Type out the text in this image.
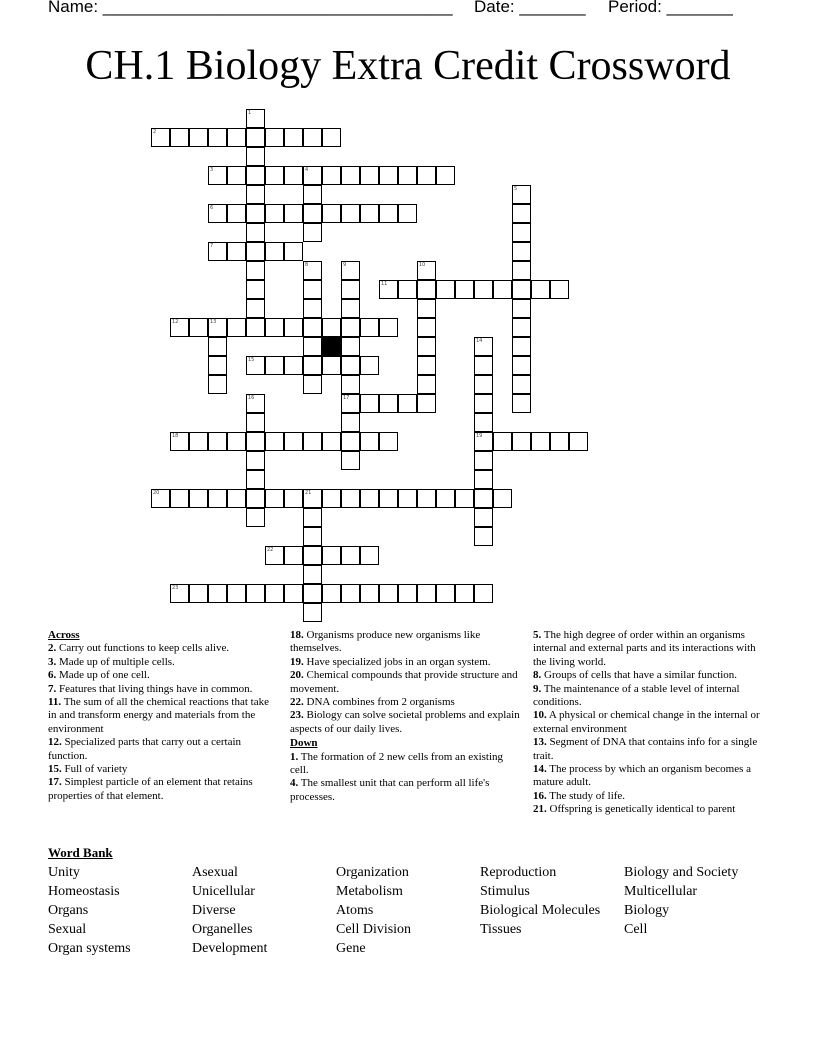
Name: _____________________________________ Date: _______ Period: _______
CH.1 Biology Extra Credit Crossword
1
2
3	4
5
6
7
8	9
17
10
11
12	13
14
19
15
16
18
20	21
22
23
Across
2. Carry out functions to keep cells alive.
3. Made up of multiple cells.
6. Made up of one cell.
7. Features that living things have in common.
11. The sum of all the chemical reactions that take in and transform energy and materials from the environment
12. Specialized parts that carry out a certain function.
15. Full of variety
17. Simplest particle of an element that retains properties of that element.
18. Organisms produce new organisms like themselves.
19. Have specialized jobs in an organ system.
20. Chemical compounds that provide structure and movement.
22. DNA combines from 2 organisms
23. Biology can solve societal problems and explain aspects of our daily lives.
Down
1. The formation of 2 new cells from an existing cell.
4. The smallest unit that can perform all life's processes.
5. The high degree of order within an organisms internal and external parts and its interactions with the living world.
8. Groups of cells that have a similar function.
9. The maintenance of a stable level of internal conditions.
10. A physical or chemical change in the internal or external environment
13. Segment of DNA that contains info for a single trait.
14. The process by which an organism becomes a mature adult.
16. The study of life.
21. Offspring is genetically identical to parent
Word Bank
Unity	Asexual	Organization	Reproduction	Biology and Society
Homeostasis	Unicellular	Metabolism	Stimulus	Multicellular
Organs	Diverse	Atoms	Biological Molecules	Biology
Sexual	Organelles	Cell Division	Tissues	Cell
Organ systems	Development	Gene
